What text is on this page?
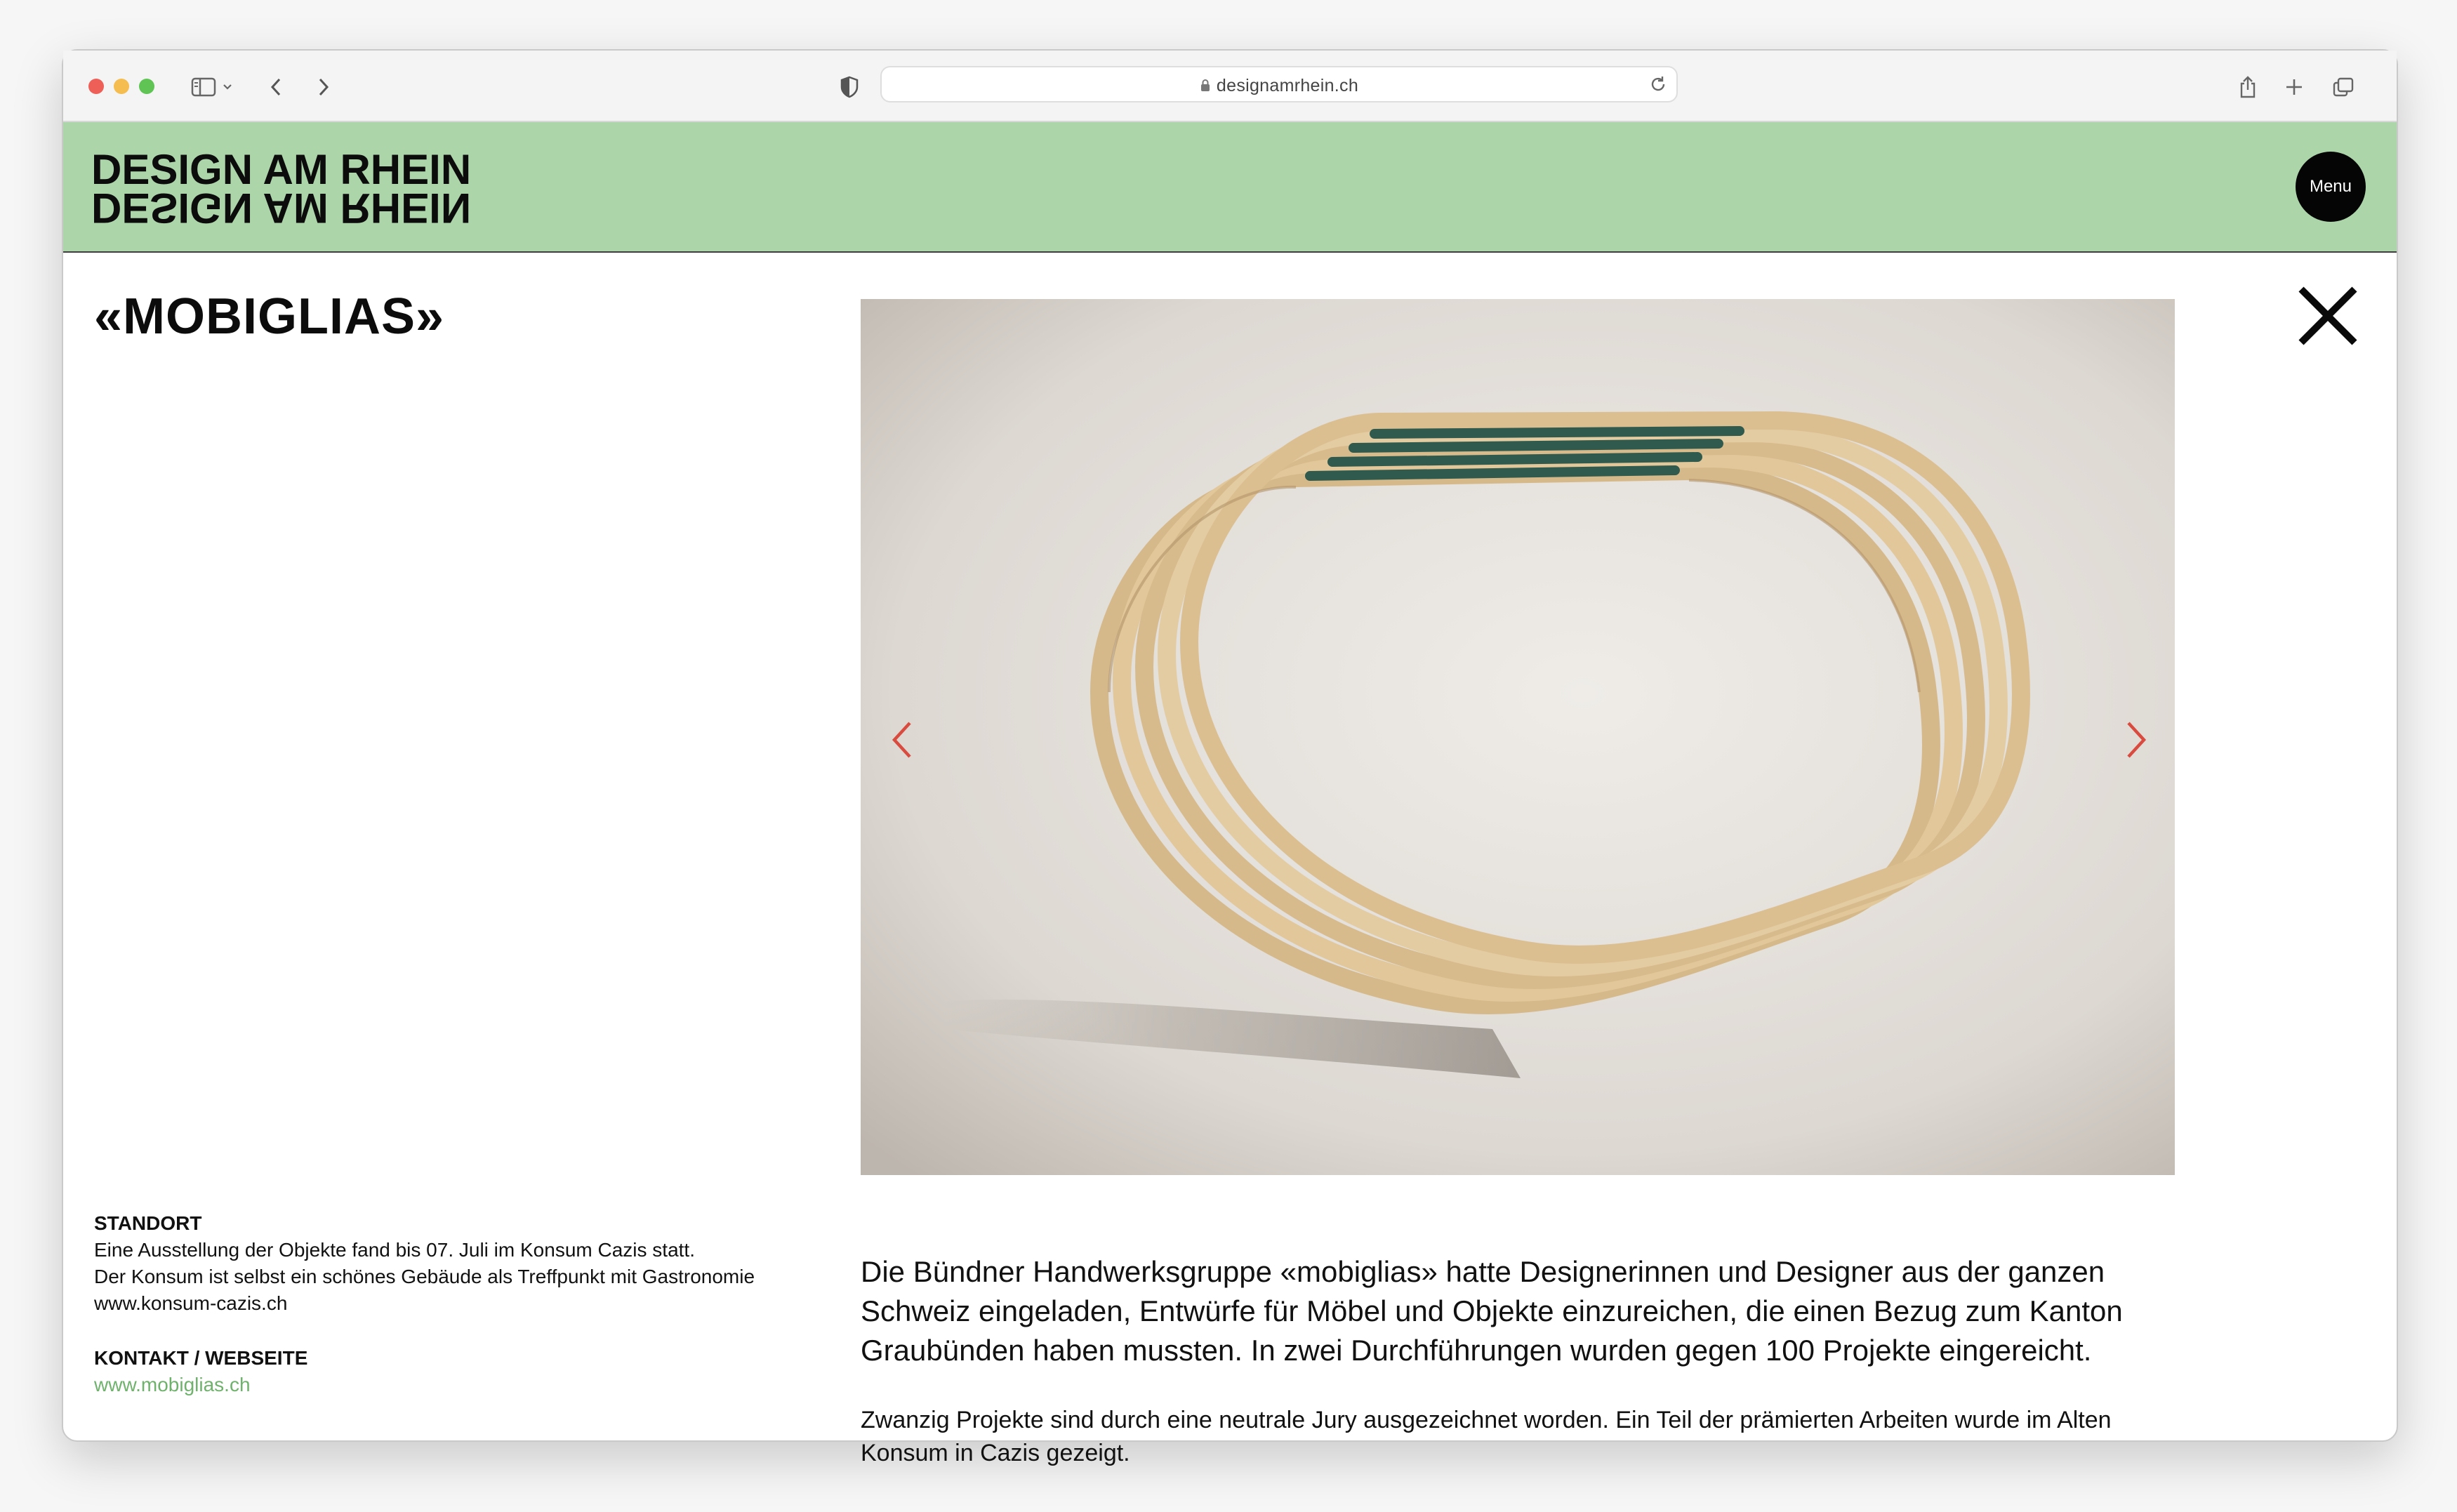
designamrhein.ch
DESIGN AM RHEIN
DESIGN AM RHEIN	Menu
«MOBIGLIAS»
STANDORT
Eine Ausstellung der Objekte fand bis 07. Juli im Konsum Cazis statt.
Der Konsum ist selbst ein schönes Gebäude als Treffpunkt mit Gastronomie
www.konsum-cazis.ch
KONTAKT / WEBSEITE
www.mobiglias.ch

Die Bündner Handwerksgruppe «mobiglias» hatte Designerinnen und Designer aus der ganzen Schweiz eingeladen, Entwürfe für Möbel und Objekte einzureichen, die einen Bezug zum Kanton Graubünden haben mussten. In zwei Durchführungen wurden gegen 100 Projekte eingereicht.

Zwanzig Projekte sind durch eine neutrale Jury ausgezeichnet worden. Ein Teil der prämierten Arbeiten wurde im Alten Konsum in Cazis gezeigt.
